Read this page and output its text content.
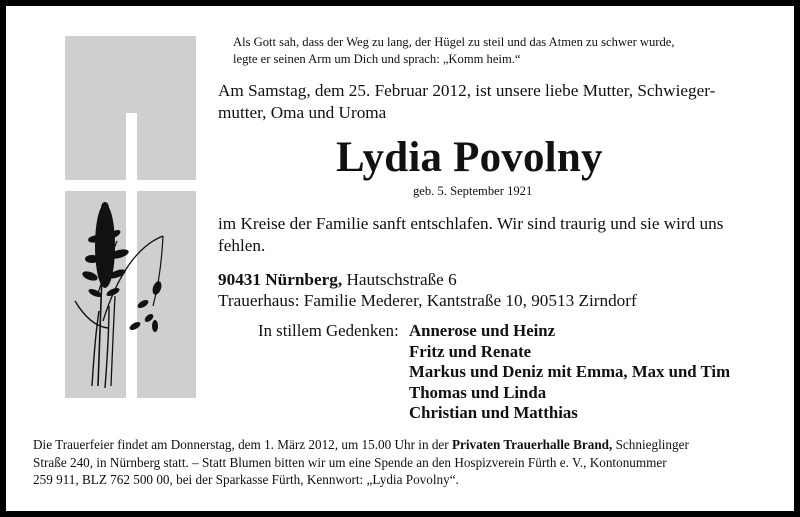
Als Gott sah, dass der Weg zu lang, der Hügel zu steil und das Atmen zu schwer wurde,
legte er seinen Arm um Dich und sprach: „Komm heim.“
Am Samstag, dem 25. Februar 2012, ist unsere liebe Mutter, Schwieger-
mutter, Oma und Uroma
Lydia Povolny
geb. 5. September 1921
im Kreise der Familie sanft entschlafen. Wir sind traurig und sie wird uns
fehlen.
90431 Nürnberg, Hautschstraße 6
Trauerhaus: Familie Mederer, Kantstraße 10, 90513 Zirndorf
In stillem Gedenken: Annerose und Heinz
Fritz und Renate
Markus und Deniz mit Emma, Max und Tim
Thomas und Linda
Christian und Matthias
Die Trauerfeier findet am Donnerstag, dem 1. März 2012, um 15.00 Uhr in der Privaten Trauerhalle Brand, Schnieglinger
Straße 240, in Nürnberg statt. – Statt Blumen bitten wir um eine Spende an den Hospizverein Fürth e. V., Kontonummer
259 911, BLZ 762 500 00, bei der Sparkasse Fürth, Kennwort: „Lydia Povolny“.
